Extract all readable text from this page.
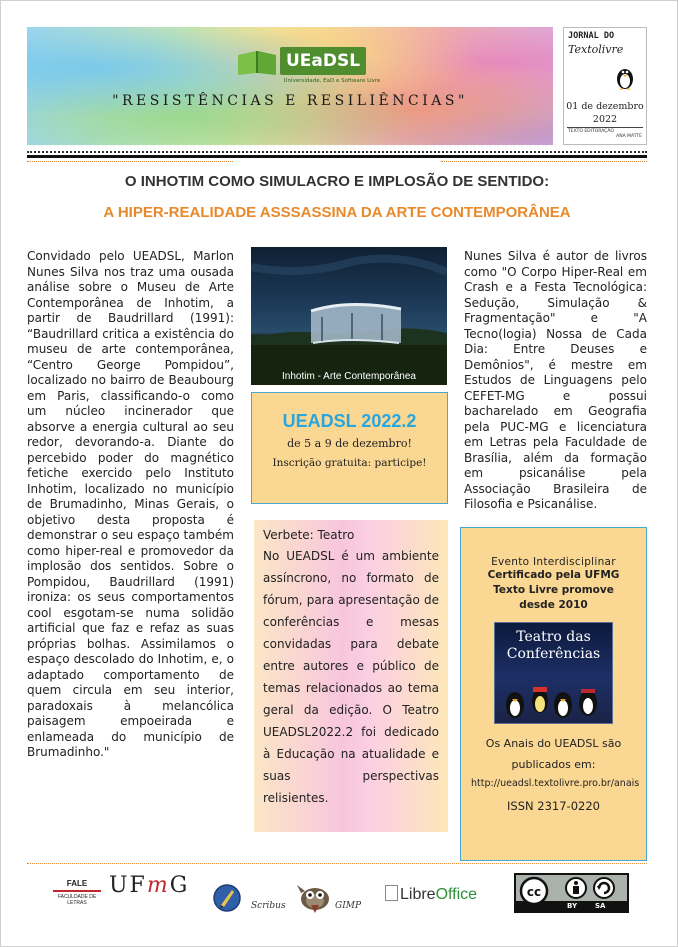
UEaDSL
Universidade, EaD e Software Livre
"RESISTÊNCIAS E RESILIÊNCIAS"
JORNAL DO
Textolivre
01 de dezembro
2022
TEXTO EDITORAÇÃO
ANA MATTE
O INHOTIM COMO SIMULACRO E IMPLOSÃO DE SENTIDO:
A HIPER-REALIDADE ASSSASSINA DA ARTE CONTEMPORÂNEA
Convidado pelo UEADSL, Marlon Nunes Silva nos traz uma ousada análise sobre o Museu de Arte Contemporânea de Inhotim, a partir de Baudrillard (1991): “Baudrillard critica a existência do museu de arte contemporânea, “Centro George Pompidou”, localizado no bairro de Beaubourg em Paris, classificando-o como um núcleo incinerador que absorve a energia cultural ao seu redor, devorando-a. Diante do percebido poder do magnético fetiche exercido pelo Instituto Inhotim, localizado no município de Brumadinho, Minas Gerais, o objetivo desta proposta é demonstrar o seu espaço também como hiper-real e promovedor da implosão dos sentidos. Sobre o Pompidou, Baudrillard (1991) ironiza: os seus comportamentos cool esgotam-se numa solidão artificial que faz e refaz as suas próprias bolhas. Assimilamos o espaço descolado do Inhotim, e, o adaptado comportamento de quem circula em seu interior, paradoxais à melancólica paisagem empoeirada e enlameada do município de Brumadinho."
Inhotim - Arte Contemporânea
UEADSL 2022.2
de 5 a 9 de dezembro!
Inscrição gratuita: participe!
Verbete: Teatro
No UEADSL é um ambiente assíncrono, no formato de fórum, para apresentação de conferências e mesas convidadas para debate entre autores e público de temas relacionados ao tema geral da edição. O Teatro UEADSL2022.2 foi dedicado à Educação na atualidade e suas perspectivas relisientes.
Nunes Silva é autor de livros como "O Corpo Hiper-Real em Crash e a Festa Tecnológica: Sedução, Simulação & Fragmentação" e "A Tecno(logia) Nossa de Cada Dia: Entre Deuses e Demônios", é mestre em Estudos de Linguagens pelo CEFET-MG e possui bacharelado em Geografia pela PUC-MG e licenciatura em Letras pela Faculdade de Brasília, além da formação em psicanálise pela Associação Brasileira de Filosofia e Psicanálise.
Evento Interdisciplinar
Certificado pela UFMG
Texto Livre promove
desde 2010
Teatro das Conferências
Os Anais do UEADSL são publicados em:
http://ueadsl.textolivre.pro.br/anais
ISSN 2317-0220
FALE
FACULDADE DE LETRAS
UFmG
Scribus	GIMP
LibreOffice	cc
BY	SA
